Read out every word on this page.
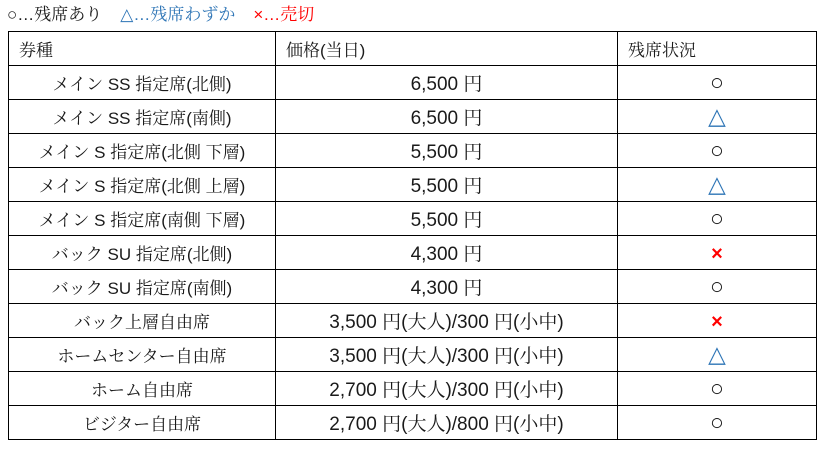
○…残席あり △…残席わずか ×…売切
券種	価格(当日)	残席状況
メイン SS 指定席(北側)	6,500 円	○
メイン SS 指定席(南側)	6,500 円	△
メイン S 指定席(北側 下層)	5,500 円	○
メイン S 指定席(北側 上層)	5,500 円	△
メイン S 指定席(南側 下層)	5,500 円	○
バック SU 指定席(北側)	4,300 円	×
バック SU 指定席(南側)	4,300 円	○
バック上層自由席	3,500 円(大人)/300 円(小中)	×
ホームセンター自由席	3,500 円(大人)/300 円(小中)	△
ホーム自由席	2,700 円(大人)/300 円(小中)	○
ビジター自由席	2,700 円(大人)/800 円(小中)	○
